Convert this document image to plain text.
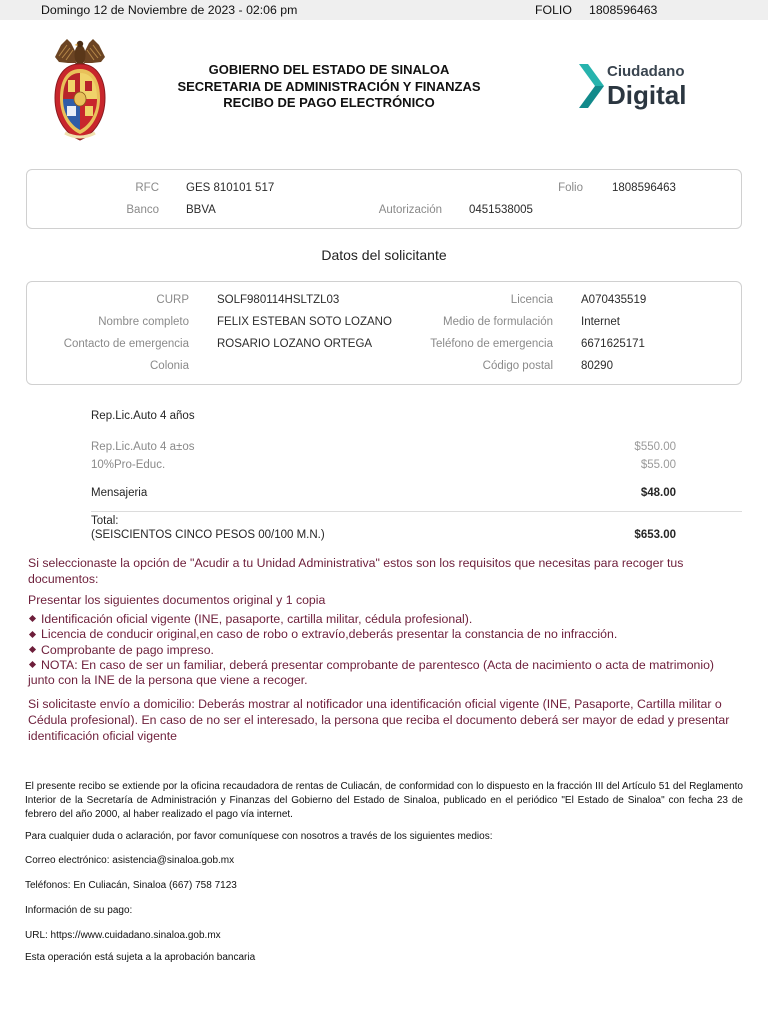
Domingo 12 de Noviembre de 2023 - 02:06 pm	FOLIO 1808596463
GOBIERNO DEL ESTADO DE SINALOA
SECRETARIA DE ADMINISTRACIÓN Y FINANZAS
RECIBO DE PAGO ELECTRÓNICO
Ciudadano
Digital
RFC GES 810101 517	Folio	1808596463
Banco BBVA	Autorización 0451538005
Datos del solicitante
CURP SOLF980114HSLTZL03	Licencia A070435519
Nombre completo FELIX ESTEBAN SOTO LOZANO	Medio de formulación Internet
Contacto de emergencia ROSARIO LOZANO ORTEGA	Teléfono de emergencia 6671625171
Colonia	Código postal 80290
Rep.Lic.Auto 4 años
Rep.Lic.Auto 4 a±os	$550.00
10%Pro-Educ.	$55.00
Mensajeria	$48.00
Total:
(SEISCIENTOS CINCO PESOS 00/100 M.N.)	$653.00

Si seleccionaste la opción de "Acudir a tu Unidad Administrativa" estos son los requisitos que necesitas para recoger tus documentos:

Presentar los siguientes documentos original y 1 copia

Identificación oficial vigente (INE, pasaporte, cartilla militar, cédula profesional).
Licencia de conducir original,en caso de robo o extravío,deberás presentar la constancia de no infracción.
Comprobante de pago impreso.
NOTA: En caso de ser un familiar, deberá presentar comprobante de parentesco (Acta de nacimiento o acta de matrimonio) junto con la INE de la persona que viene a recoger.

Si solicitaste envío a domicilio: Deberás mostrar al notificador una identificación oficial vigente (INE, Pasaporte, Cartilla militar o Cédula profesional). En caso de no ser el interesado, la persona que reciba el documento deberá ser mayor de edad y presentar identificación oficial vigente

El presente recibo se extiende por la oficina recaudadora de rentas de Culiacán, de conformidad con lo dispuesto en la fracción III del Artículo 51 del Reglamento Interior de la Secretaría de Administración y Finanzas del Gobierno del Estado de Sinaloa, publicado en el periódico "El Estado de Sinaloa" con fecha 23 de febrero del año 2000, al haber realizado el pago vía internet.

Para cualquier duda o aclaración, por favor comuníquese con nosotros a través de los siguientes medios:

Correo electrónico: asistencia@sinaloa.gob.mx

Teléfonos: En Culiacán, Sinaloa (667) 758 7123

Información de su pago:

URL: https://www.cuidadano.sinaloa.gob.mx

Esta operación está sujeta a la aprobación bancaria
